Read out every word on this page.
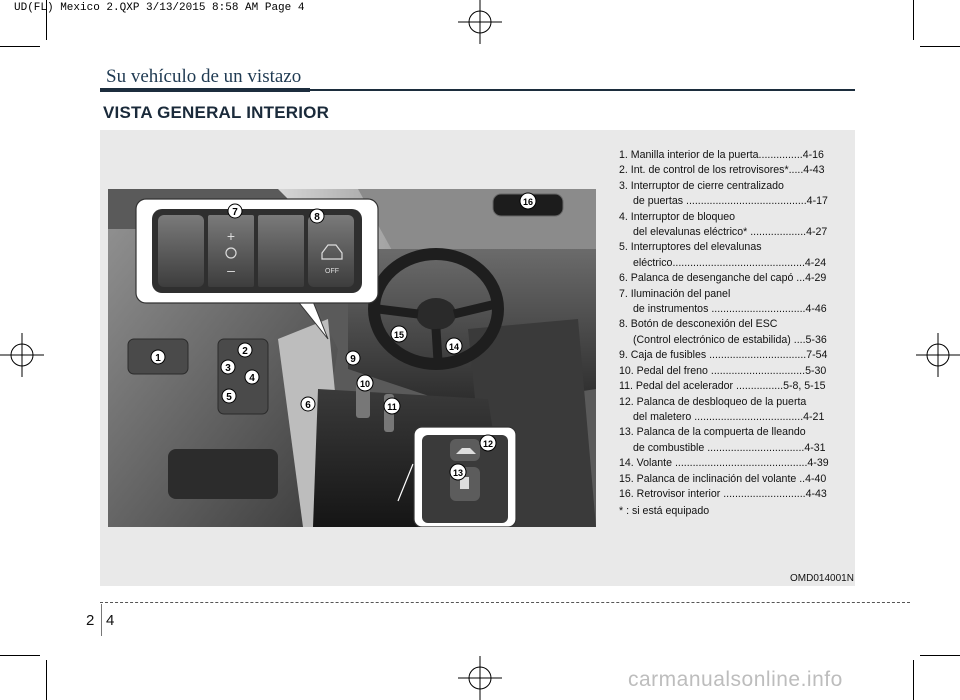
UD(FL) Mexico 2.QXP 3/13/2015 8:58 AM Page 4
Su vehículo de un vistazo
VISTA GENERAL INTERIOR
+
–	OFF
1
2
3
4
5
6
7	8
9
10
11
12
13
14
15
16
1. Manilla interior de la puerta...............4-16
2. Int. de control de los retrovisores*.....4-43
3. Interruptor de cierre centralizado
de puertas .........................................4-17
4. Interruptor de bloqueo
del elevalunas eléctrico* ...................4-27
5. Interruptores del elevalunas
eléctrico.............................................4-24
6. Palanca de desenganche del capó ...4-29
7. Iluminación del panel
de instrumentos ................................4-46
8. Botón de desconexión del ESC
(Control electrónico de estabilida) ....5-36
9. Caja de fusibles .................................7-54
10. Pedal del freno ................................5-30
11. Pedal del acelerador ................5-8, 5-15
12. Palanca de desbloqueo de la puerta
del maletero .....................................4-21
13. Palanca de la compuerta de lleando
de combustible .................................4-31
14. Volante .............................................4-39
15. Palanca de inclinación del volante ..4-40
16. Retrovisor interior ............................4-43
* : si está equipado
OMD014001N
2 4
carmanualsonline.info
